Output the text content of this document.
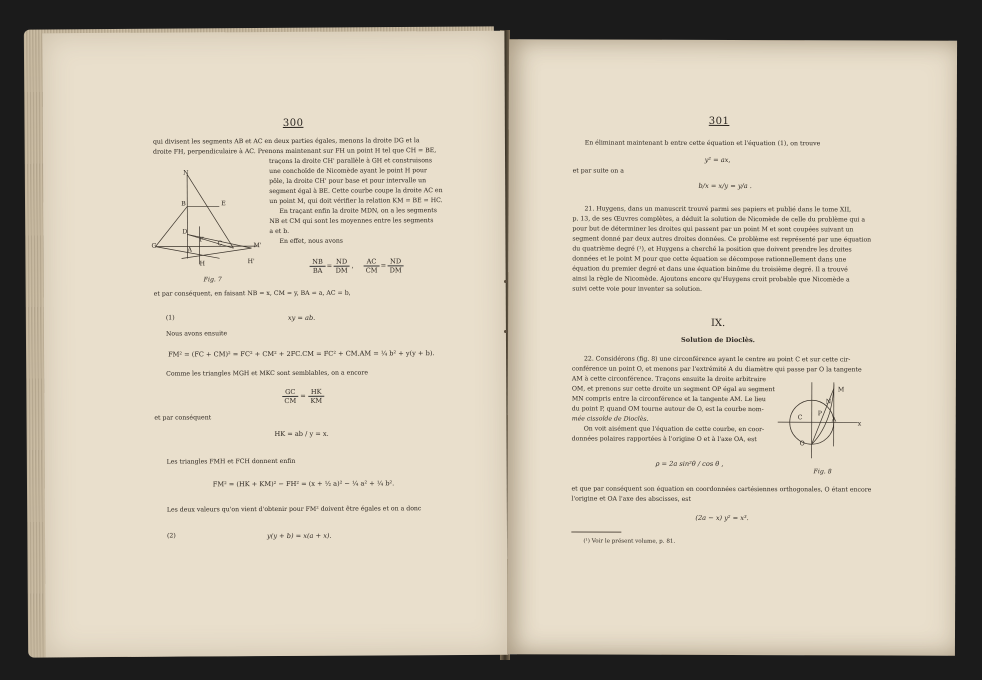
300
qui divisent les segments AB et AC en deux parties égales, menons la droite DG et la
droite FH, perpendiculaire à AC. Prenons maintenant sur FH un point H tel que CH = BE,
traçons la droite CH' parallèle à GH et construisons
une conchoïde de Nicomède ayant le point H pour
pôle, la droite CH' pour base et pour intervalle un
segment égal à BE. Cette courbe coupe la droite AC en
un point M, qui doit vérifier la relation KM = BE = HC.
En traçant enfin la droite MDN, on a les segments
NB et CM qui sont les moyennes entre les segments
a et b.
En effet, nous avons
N
B
D
E
G
A
F
C	M'
H	H'
Fig. 7
NB
BA
=
ND
DM
,
AC
CM
=
ND
DM
et par conséquent, en faisant NB = x, CM = y, BA = a, AC = b,
(1)	xy = ab.
Nous avons ensuite
FM² = (FC + CM)² = FC² + CM² + 2FC.CM = FC² + CM.AM = ¼ b² + y(y + b).
Comme les triangles MGH et MKC sont semblables, on a encore
GC
CM
=
HK
KM
et par conséquent
HK = ab / y = x.
Les triangles FMH et FCH donnent enfin
FM² = (HK + KM)² − FH² = (x + ½ a)² − ¼ a² + ¼ b².
Les deux valeurs qu'on vient d'obtenir pour FM² doivent être égales et on a donc
(2)	y(y + b) = x(a + x).
301
En éliminant maintenant b entre cette équation et l'équation (1), on trouve
y² = ax,
et par suite on a
b/x = x/y = y/a .
21. Huygens, dans un manuscrit trouvé parmi ses papiers et publié dans le tome XII,
p. 13, de ses Œuvres complètes, a déduit la solution de Nicomède de celle du problème qui a
pour but de déterminer les droites qui passent par un point M et sont coupées suivant un
segment donné par deux autres droites données. Ce problème est représenté par une équation
du quatrième degré (¹), et Huygens a cherché la position que doivent prendre les droites
données et le point M pour que cette équation se décompose rationnellement dans une
équation du premier degré et dans une équation binôme du troisième degré. Il a trouvé
ainsi la règle de Nicomède. Ajoutons encore qu'Huygens croit probable que Nicomède a
suivi cette voie pour inventer sa solution.
IX.
Solution de Dioclès.
22. Considérons (fig. 8) une circonférence ayant le centre au point C et sur cette cir-
conférence un point O, et menons par l'extrémité A du diamètre qui passe par O la tangente
AM à cette circonférence. Traçons ensuite la droite arbitraire
OM, et prenons sur cette droite un segment OP égal au segment
MN compris entre la circonférence et la tangente AM. Le lieu
du point P, quand OM tourne autour de O, est la courbe nom-
mée cissoïde de Dioclès.
On voit aisément que l'équation de cette courbe, en coor-
données polaires rapportées à l'origine O et à l'axe OA, est
C
O
N
M
A
x
P
Fig. 8
ρ = 2a sin²θ / cos θ ,
et que par conséquent son équation en coordonnées cartésiennes orthogonales, O étant encore
l'origine et OA l'axe des abscisses, est
(2a − x) y² = x³.
(¹) Voir le présent volume, p. 81.
